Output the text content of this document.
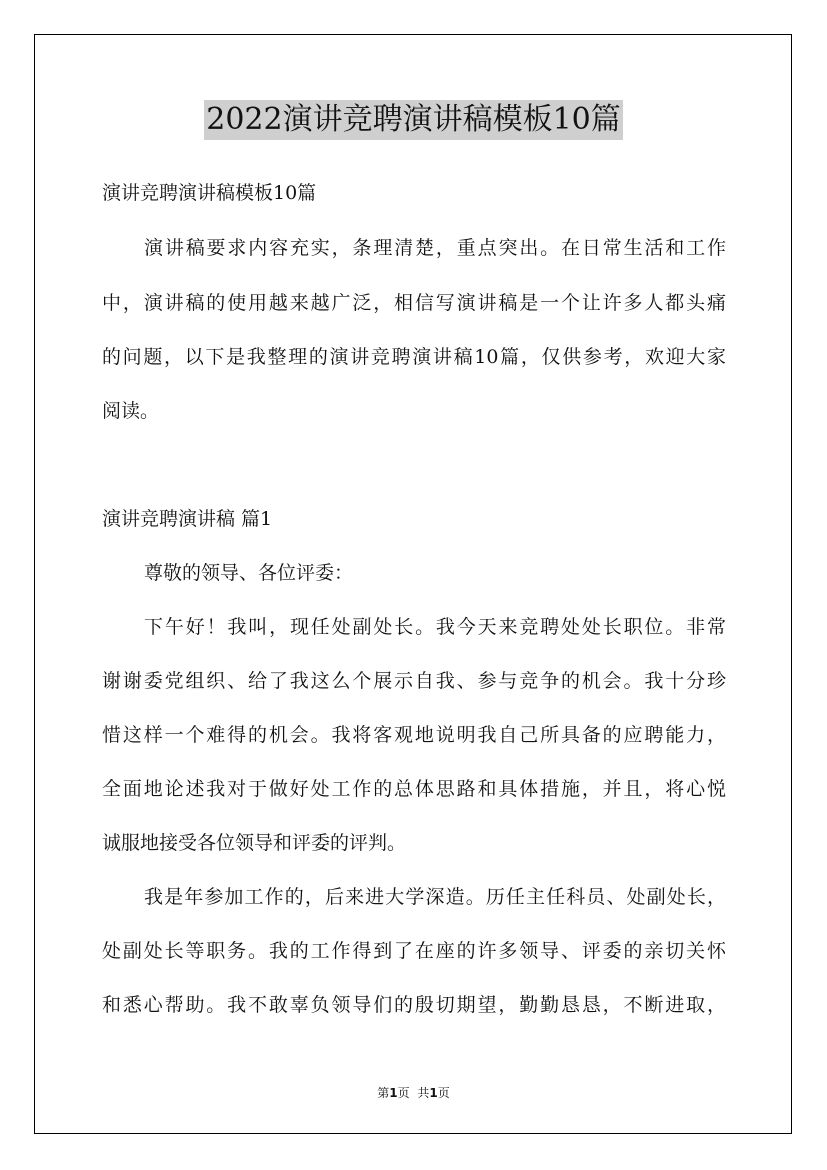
2022演讲竞聘演讲稿模板10篇
演讲竞聘演讲稿模板10篇
演讲稿要求内容充实，条理清楚，重点突出。在日常生活和工作
中，演讲稿的使用越来越广泛，相信写演讲稿是一个让许多人都头痛
的问题，以下是我整理的演讲竞聘演讲稿10篇，仅供参考，欢迎大家
阅读。
演讲竞聘演讲稿 篇1
尊敬的领导、各位评委：
下午好！我叫，现任处副处长。我今天来竞聘处处长职位。非常
谢谢委党组织、给了我这么个展示自我、参与竞争的机会。我十分珍
惜这样一个难得的机会。我将客观地说明我自己所具备的应聘能力，
全面地论述我对于做好处工作的总体思路和具体措施，并且，将心悦
诚服地接受各位领导和评委的评判。
我是年参加工作的，后来进大学深造。历任主任科员、处副处长，
处副处长等职务。我的工作得到了在座的许多领导、评委的亲切关怀
和悉心帮助。我不敢辜负领导们的殷切期望，勤勤恳恳，不断进取，
第1页 共1页
